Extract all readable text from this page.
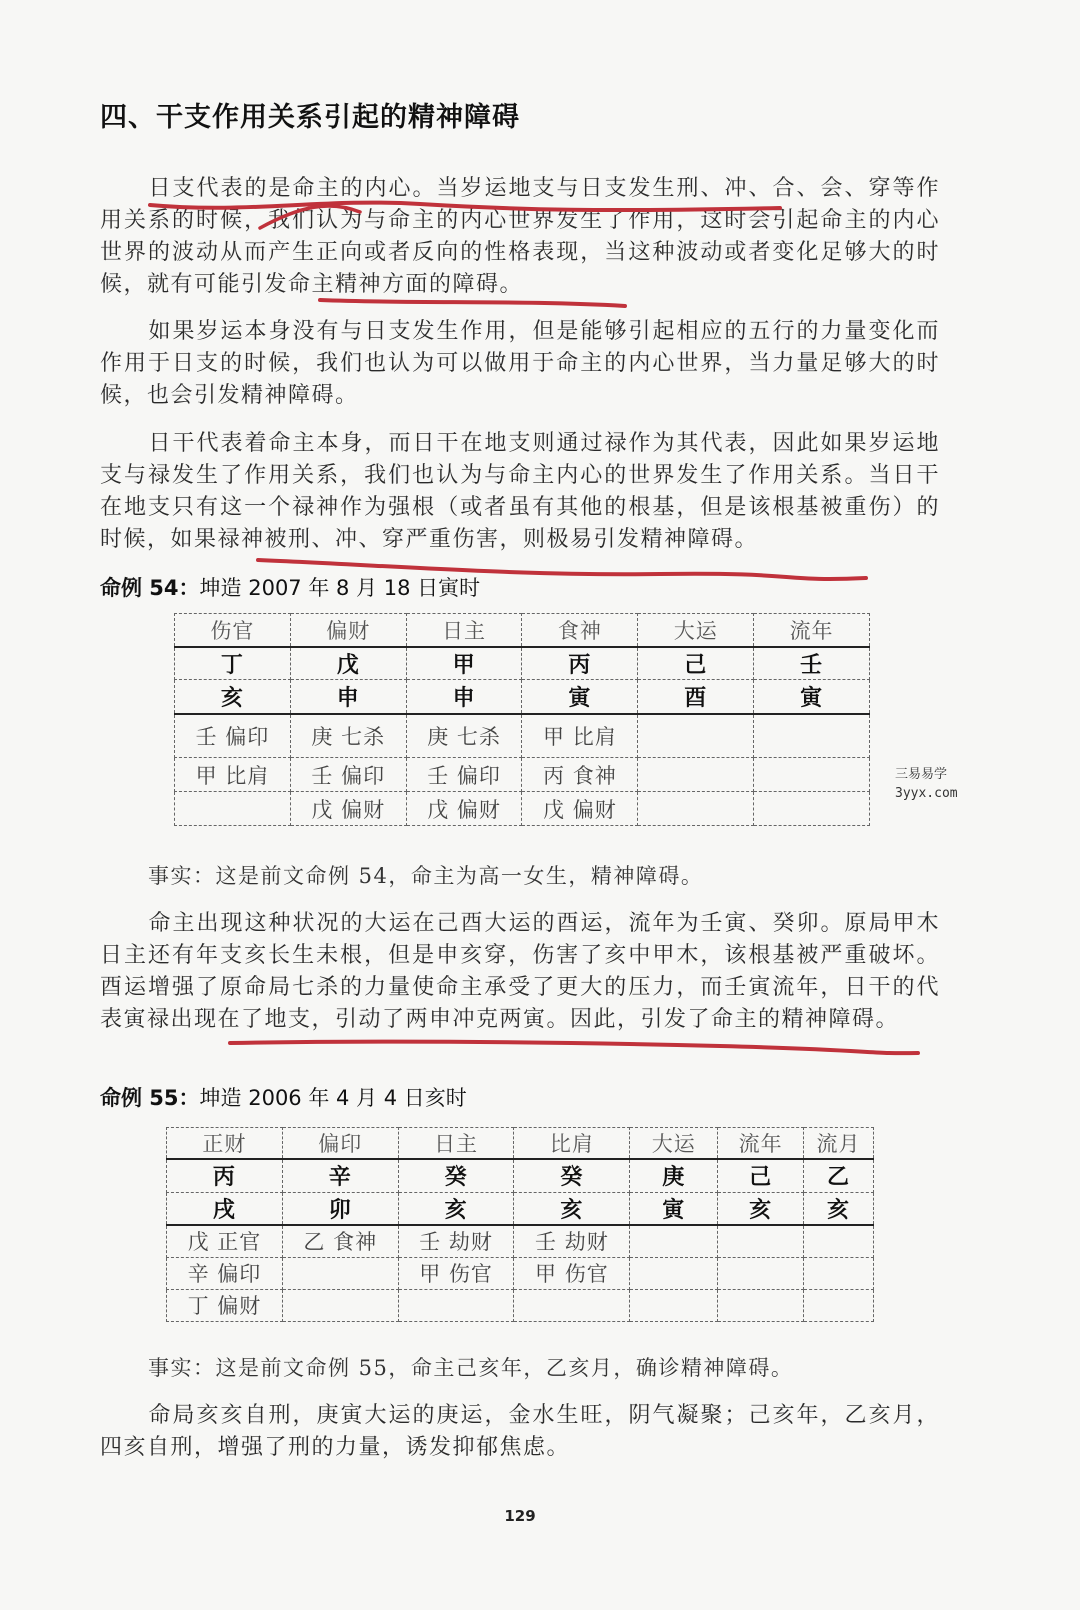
四、干支作用关系引起的精神障碍
日支代表的是命主的内心。当岁运地支与日支发生刑、冲、合、会、穿等作用关系的时候，我们认为与命主的内心世界发生了作用，这时会引起命主的内心世界的波动从而产生正向或者反向的性格表现，当这种波动或者变化足够大的时候，就有可能引发命主精神方面的障碍。
如果岁运本身没有与日支发生作用，但是能够引起相应的五行的力量变化而作用于日支的时候，我们也认为可以做用于命主的内心世界，当力量足够大的时候，也会引发精神障碍。
日干代表着命主本身，而日干在地支则通过禄作为其代表，因此如果岁运地支与禄发生了作用关系，我们也认为与命主内心的世界发生了作用关系。当日干在地支只有这一个禄神作为强根（或者虽有其他的根基，但是该根基被重伤）的时候，如果禄神被刑、冲、穿严重伤害，则极易引发精神障碍。
命例 54：坤造 2007 年 8 月 18 日寅时
伤官	偏财	日主	食神	大运	流年
丁	戊	甲	丙	己	壬
亥	申	申	寅	酉	寅
壬 偏印	庚 七杀	庚 七杀	甲 比肩		
甲 比肩	壬 偏印	壬 偏印	丙 食神		
	戊 偏财	戊 偏财	戊 偏财		
三易易学
3yyx.com
事实：这是前文命例 54，命主为高一女生，精神障碍。
命主出现这种状况的大运在己酉大运的酉运，流年为壬寅、癸卯。原局甲木日主还有年支亥长生未根，但是申亥穿，伤害了亥中甲木，该根基被严重破坏。酉运增强了原命局七杀的力量使命主承受了更大的压力，而壬寅流年，日干的代表寅禄出现在了地支，引动了两申冲克两寅。因此，引发了命主的精神障碍。
命例 55：坤造 2006 年 4 月 4 日亥时
正财	偏印	日主	比肩	大运	流年	流月
丙	辛	癸	癸	庚	己	乙
戌	卯	亥	亥	寅	亥	亥
戊 正官	乙 食神	壬 劫财	壬 劫财			
辛 偏印		甲 伤官	甲 伤官			
丁 偏财						
事实：这是前文命例 55，命主己亥年，乙亥月，确诊精神障碍。
命局亥亥自刑，庚寅大运的庚运，金水生旺，阴气凝聚；己亥年，乙亥月，四亥自刑，增强了刑的力量，诱发抑郁焦虑。
129
